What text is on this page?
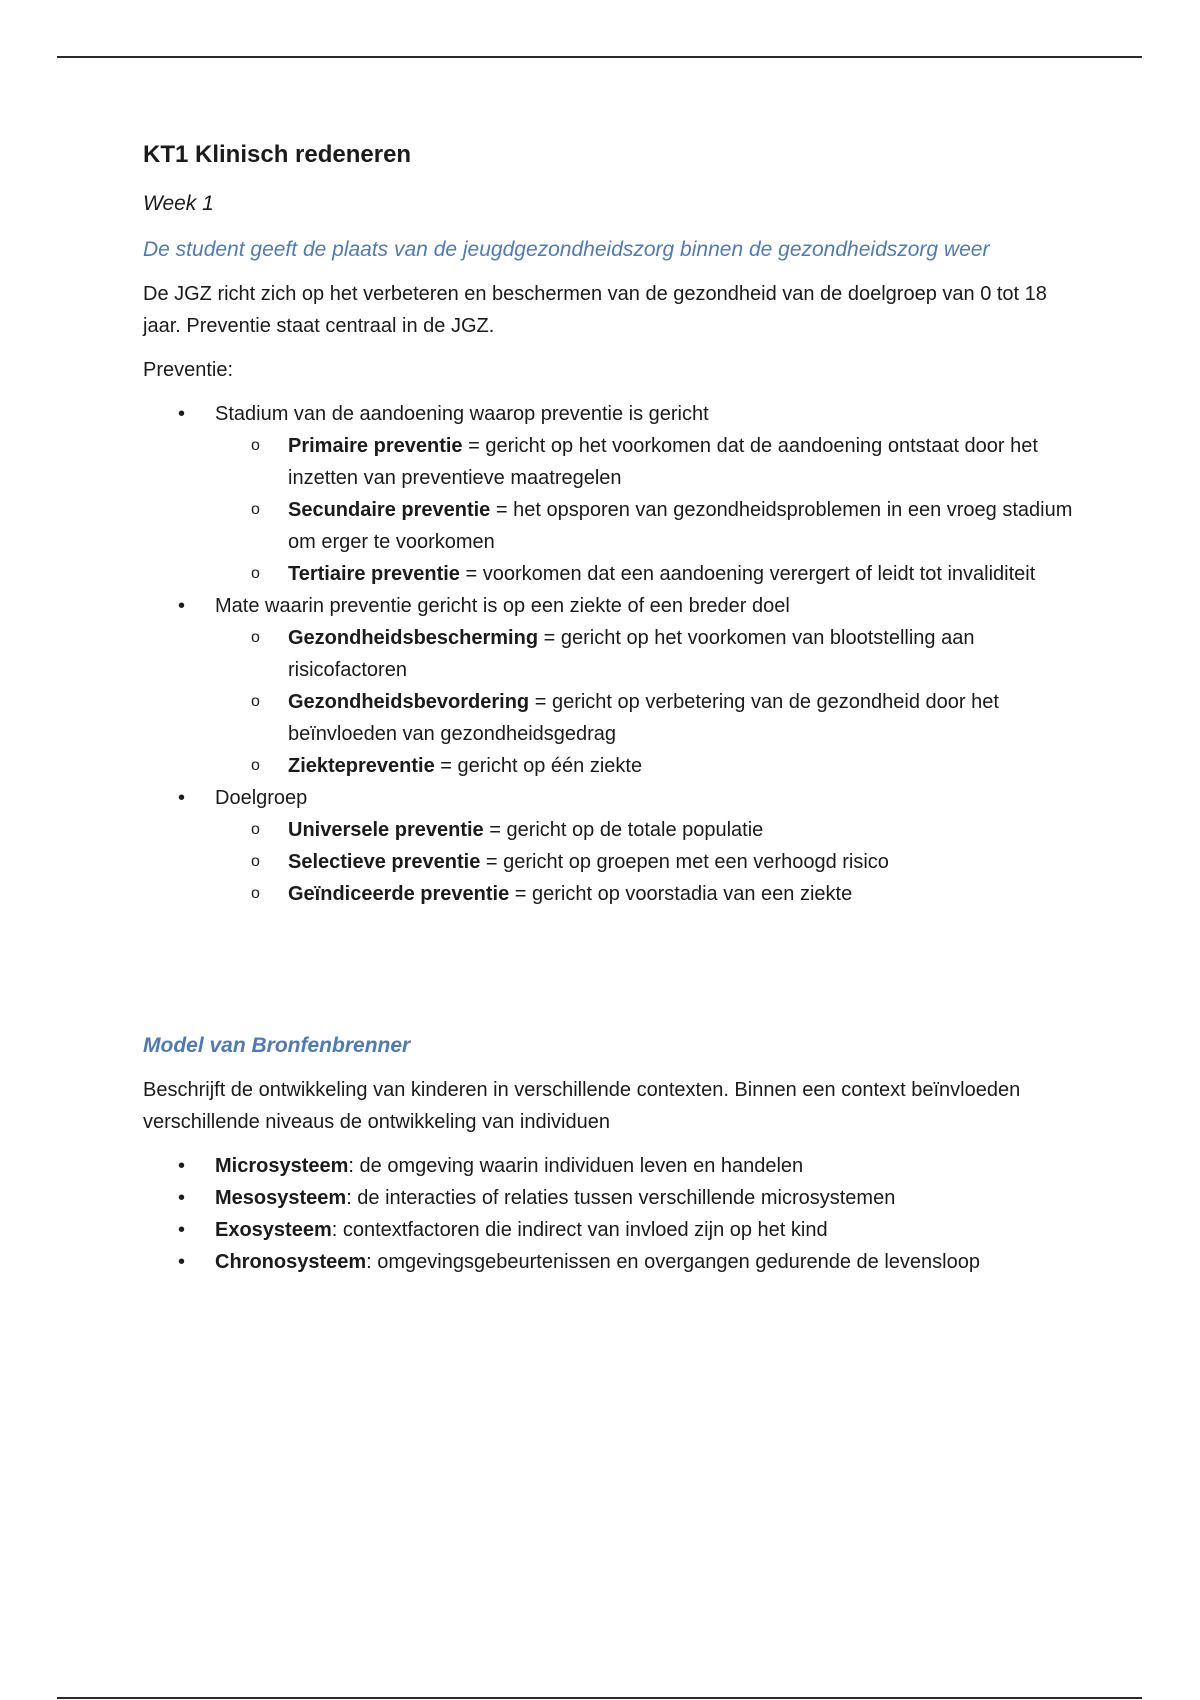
KT1 Klinisch redeneren
Week 1
De student geeft de plaats van de jeugdgezondheidszorg binnen de gezondheidszorg weer

De JGZ richt zich op het verbeteren en beschermen van de gezondheid van de doelgroep van 0 tot 18 jaar. Preventie staat centraal in de JGZ.

Preventie:

• Stadium van de aandoening waarop preventie is gericht
o Primaire preventie = gericht op het voorkomen dat de aandoening ontstaat door het inzetten van preventieve maatregelen
o Secundaire preventie = het opsporen van gezondheidsproblemen in een vroeg stadium om erger te voorkomen
o Tertiaire preventie = voorkomen dat een aandoening verergert of leidt tot invaliditeit
• Mate waarin preventie gericht is op een ziekte of een breder doel
o Gezondheidsbescherming = gericht op het voorkomen van blootstelling aan risicofactoren
o Gezondheidsbevordering = gericht op verbetering van de gezondheid door het beïnvloeden van gezondheidsgedrag
o Ziektepreventie = gericht op één ziekte
• Doelgroep
o Universele preventie = gericht op de totale populatie
o Selectieve preventie = gericht op groepen met een verhoogd risico
o Geïndiceerde preventie = gericht op voorstadia van een ziekte
Model van Bronfenbrenner

Beschrijft de ontwikkeling van kinderen in verschillende contexten. Binnen een context beïnvloeden verschillende niveaus de ontwikkeling van individuen

• Microsysteem: de omgeving waarin individuen leven en handelen
• Mesosysteem: de interacties of relaties tussen verschillende microsystemen
• Exosysteem: contextfactoren die indirect van invloed zijn op het kind
• Chronosysteem: omgevingsgebeurtenissen en overgangen gedurende de levensloop
